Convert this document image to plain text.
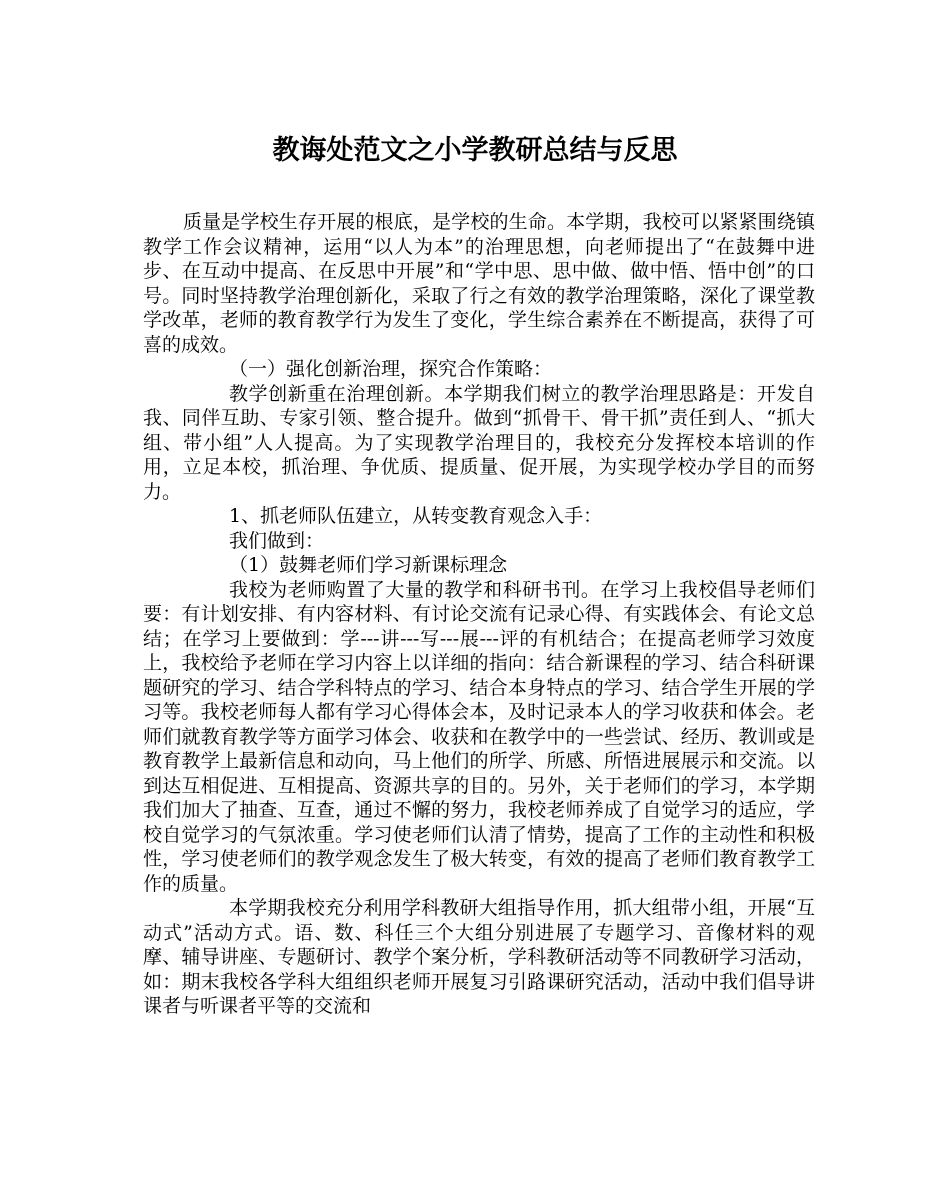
教诲处范文之小学教研总结与反思

质量是学校生存开展的根底，是学校的生命。本学期，我校可以紧紧围绕镇教学工作会议精神，运用“以人为本”的治理思想，向老师提出了“在鼓舞中进步、在互动中提高、在反思中开展”和“学中思、思中做、做中悟、悟中创”的口号。同时坚持教学治理创新化，采取了行之有效的教学治理策略，深化了课堂教学改革，老师的教育教学行为发生了变化，学生综合素养在不断提高，获得了可喜的成效。

（一）强化创新治理，探究合作策略：

教学创新重在治理创新。本学期我们树立的教学治理思路是：开发自我、同伴互助、专家引领、整合提升。做到“抓骨干、骨干抓”责任到人、“抓大组、带小组”人人提高。为了实现教学治理目的，我校充分发挥校本培训的作用，立足本校，抓治理、争优质、提质量、促开展，为实现学校办学目的而努力。

1、抓老师队伍建立，从转变教育观念入手：

我们做到：

（1）鼓舞老师们学习新课标理念

我校为老师购置了大量的教学和科研书刊。在学习上我校倡导老师们要：有计划安排、有内容材料、有讨论交流有记录心得、有实践体会、有论文总结；在学习上要做到：学---讲---写---展---评的有机结合；在提高老师学习效度上，我校给予老师在学习内容上以详细的指向：结合新课程的学习、结合科研课题研究的学习、结合学科特点的学习、结合本身特点的学习、结合学生开展的学习等。我校老师每人都有学习心得体会本，及时记录本人的学习收获和体会。老师们就教育教学等方面学习体会、收获和在教学中的一些尝试、经历、教训或是教育教学上最新信息和动向，马上他们的所学、所感、所悟进展展示和交流。以到达互相促进、互相提高、资源共享的目的。另外，关于老师们的学习，本学期我们加大了抽查、互查，通过不懈的努力，我校老师养成了自觉学习的适应，学校自觉学习的气氛浓重。学习使老师们认清了情势，提高了工作的主动性和积极性，学习使老师们的教学观念发生了极大转变，有效的提高了老师们教育教学工作的质量。

本学期我校充分利用学科教研大组指导作用，抓大组带小组，开展“互动式”活动方式。语、数、科任三个大组分别进展了专题学习、音像材料的观摩、辅导讲座、专题研讨、教学个案分析，学科教研活动等不同教研学习活动，如：期末我校各学科大组组织老师开展复习引路课研究活动，活动中我们倡导讲课者与听课者平等的交流和
